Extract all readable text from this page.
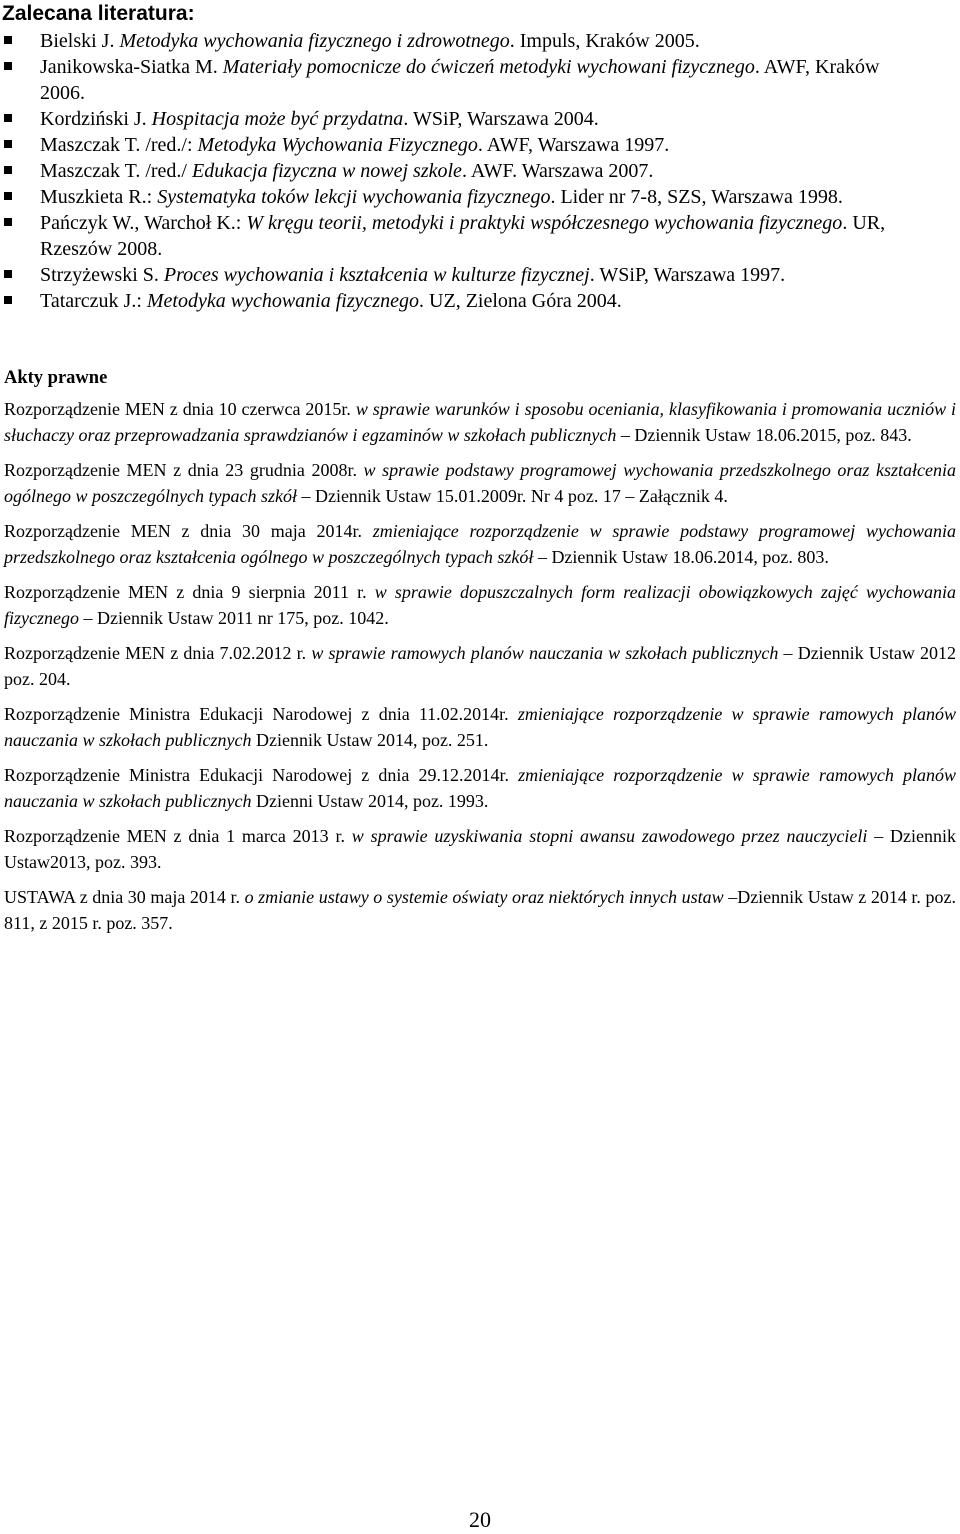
Zalecana literatura:
Bielski J. Metodyka wychowania fizycznego i zdrowotnego. Impuls, Kraków 2005.
Janikowska-Siatka M. Materiały pomocnicze do ćwiczeń metodyki wychowani fizycznego. AWF, Kraków 2006.
Kordziński J. Hospitacja może być przydatna. WSiP, Warszawa 2004.
Maszczak T. /red./: Metodyka Wychowania Fizycznego. AWF, Warszawa 1997.
Maszczak T. /red./ Edukacja fizyczna w nowej szkole. AWF. Warszawa 2007.
Muszkieta R.: Systematyka toków lekcji wychowania fizycznego. Lider nr 7-8, SZS, Warszawa 1998.
Pańczyk W., Warchoł K.: W kręgu teorii, metodyki i praktyki współczesnego wychowania fizycznego. UR, Rzeszów 2008.
Strzyżewski S. Proces wychowania i kształcenia w kulturze fizycznej. WSiP, Warszawa 1997.
Tatarczuk J.: Metodyka wychowania fizycznego. UZ, Zielona Góra 2004.
Akty prawne

Rozporządzenie MEN z dnia 10 czerwca 2015r. w sprawie warunków i sposobu oceniania, klasyfikowania i promowania uczniów i słuchaczy oraz przeprowadzania sprawdzianów i egzaminów w szkołach publicznych – Dziennik Ustaw 18.06.2015, poz. 843.

Rozporządzenie MEN z dnia 23 grudnia 2008r. w sprawie podstawy programowej wychowania przedszkolnego oraz kształcenia ogólnego w poszczególnych typach szkół – Dziennik Ustaw 15.01.2009r. Nr 4 poz. 17 – Załącznik 4.

Rozporządzenie MEN z dnia 30 maja 2014r. zmieniające rozporządzenie w sprawie podstawy programowej wychowania przedszkolnego oraz kształcenia ogólnego w poszczególnych typach szkół – Dziennik Ustaw 18.06.2014, poz. 803.

Rozporządzenie MEN z dnia 9 sierpnia 2011 r. w sprawie dopuszczalnych form realizacji obowiązkowych zajęć wychowania fizycznego – Dziennik Ustaw 2011 nr 175, poz. 1042.

Rozporządzenie MEN z dnia 7.02.2012 r. w sprawie ramowych planów nauczania w szkołach publicznych – Dziennik Ustaw 2012 poz. 204.

Rozporządzenie Ministra Edukacji Narodowej z dnia 11.02.2014r. zmieniające rozporządzenie w sprawie ramowych planów nauczania w szkołach publicznych Dziennik Ustaw 2014, poz. 251.

Rozporządzenie Ministra Edukacji Narodowej z dnia 29.12.2014r. zmieniające rozporządzenie w sprawie ramowych planów nauczania w szkołach publicznych Dzienni Ustaw 2014, poz. 1993.

Rozporządzenie MEN z dnia 1 marca 2013 r. w sprawie uzyskiwania stopni awansu zawodowego przez nauczycieli – Dziennik Ustaw2013, poz. 393.

USTAWA z dnia 30 maja 2014 r. o zmianie ustawy o systemie oświaty oraz niektórych innych ustaw –Dziennik Ustaw z 2014 r. poz. 811, z 2015 r. poz. 357.

20
